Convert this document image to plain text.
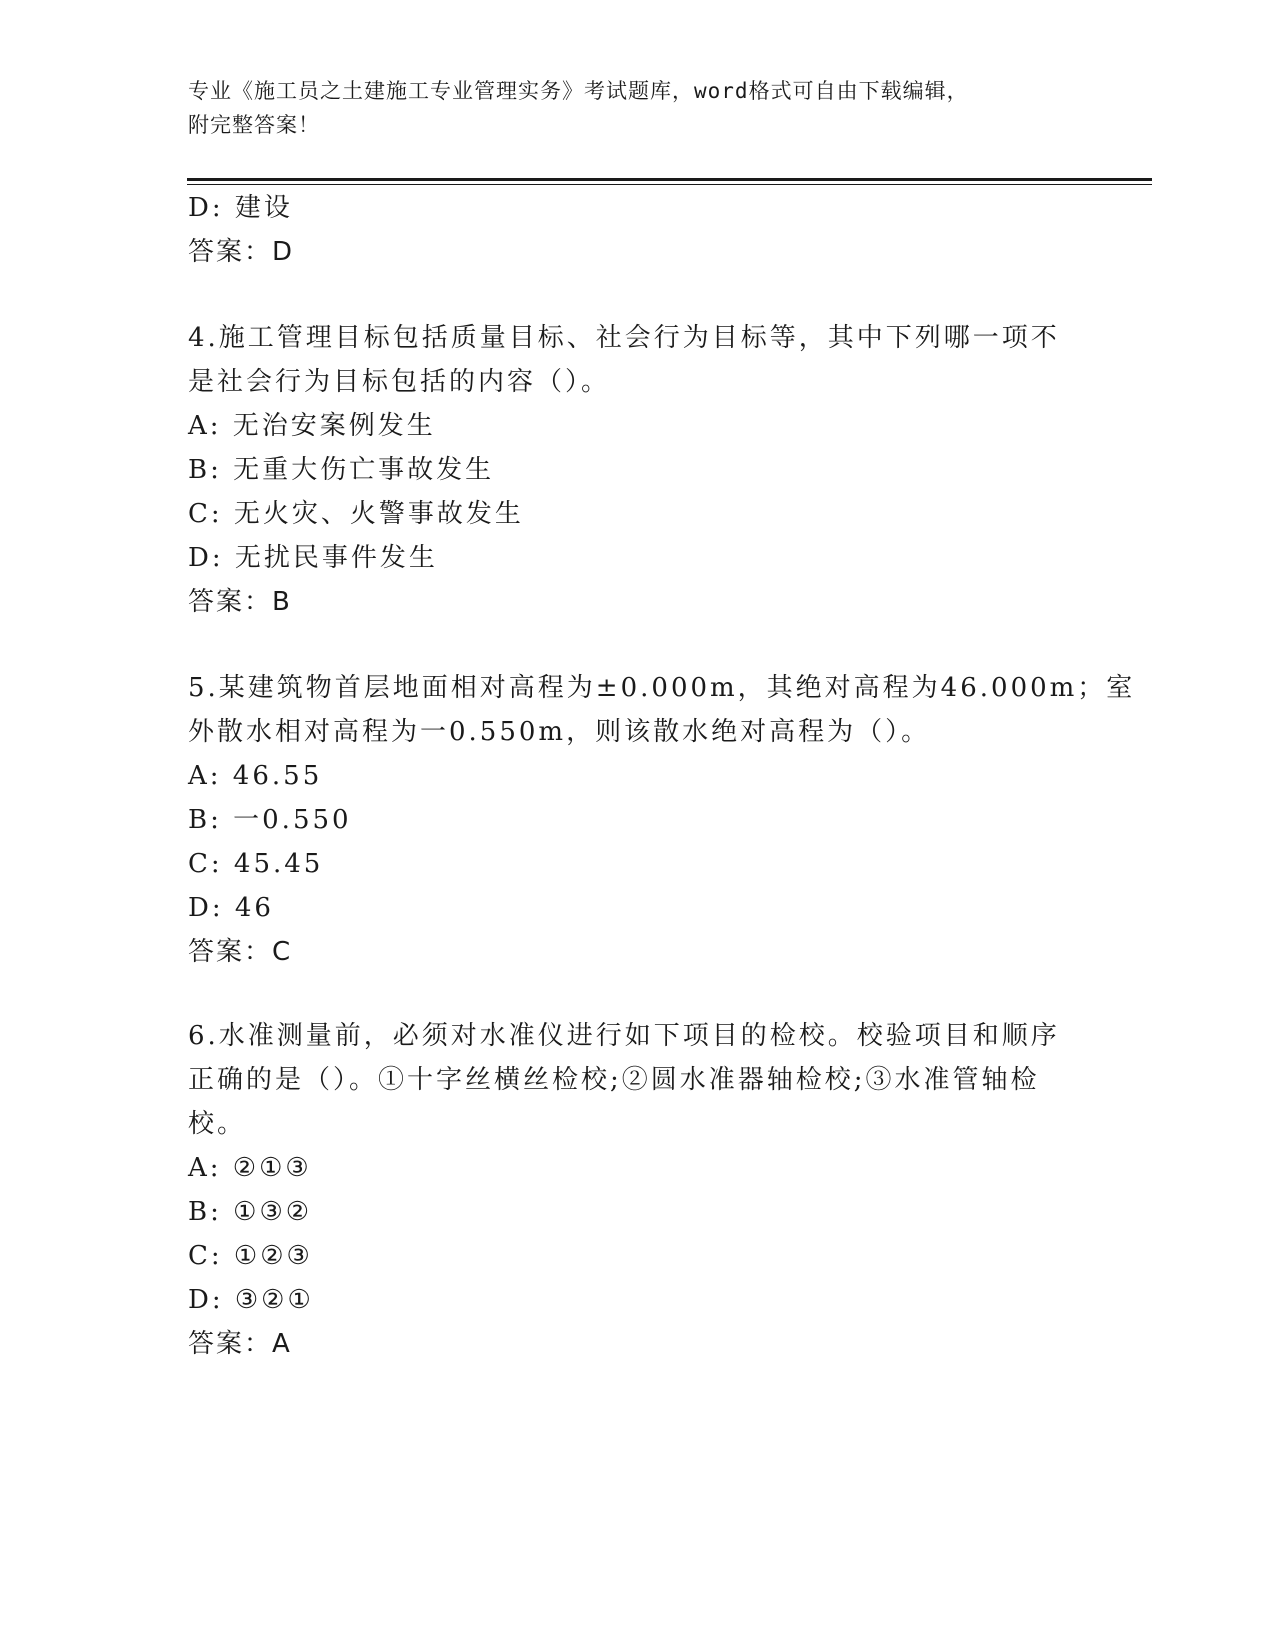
专业《施工员之土建施工专业管理实务》考试题库，word格式可自由下载编辑，
附完整答案！
D: 建设
答案：D
4.施工管理目标包括质量目标、社会行为目标等，其中下列哪一项不
是社会行为目标包括的内容（）。
A: 无治安案例发生
B: 无重大伤亡事故发生
C: 无火灾、火警事故发生
D: 无扰民事件发生
答案：B
5.某建筑物首层地面相对高程为±0.000m，其绝对高程为46.000m；室
外散水相对高程为一0.550m，则该散水绝对高程为（）。
A: 46.55
B: 一0.550
C: 45.45
D: 46
答案：C
6.水准测量前，必须对水准仪进行如下项目的检校。校验项目和顺序
正确的是（）。①十字丝横丝检校;②圆水准器轴检校;③水准管轴检
校。
A: ②①③
B: ①③②
C: ①②③
D: ③②①
答案：A
